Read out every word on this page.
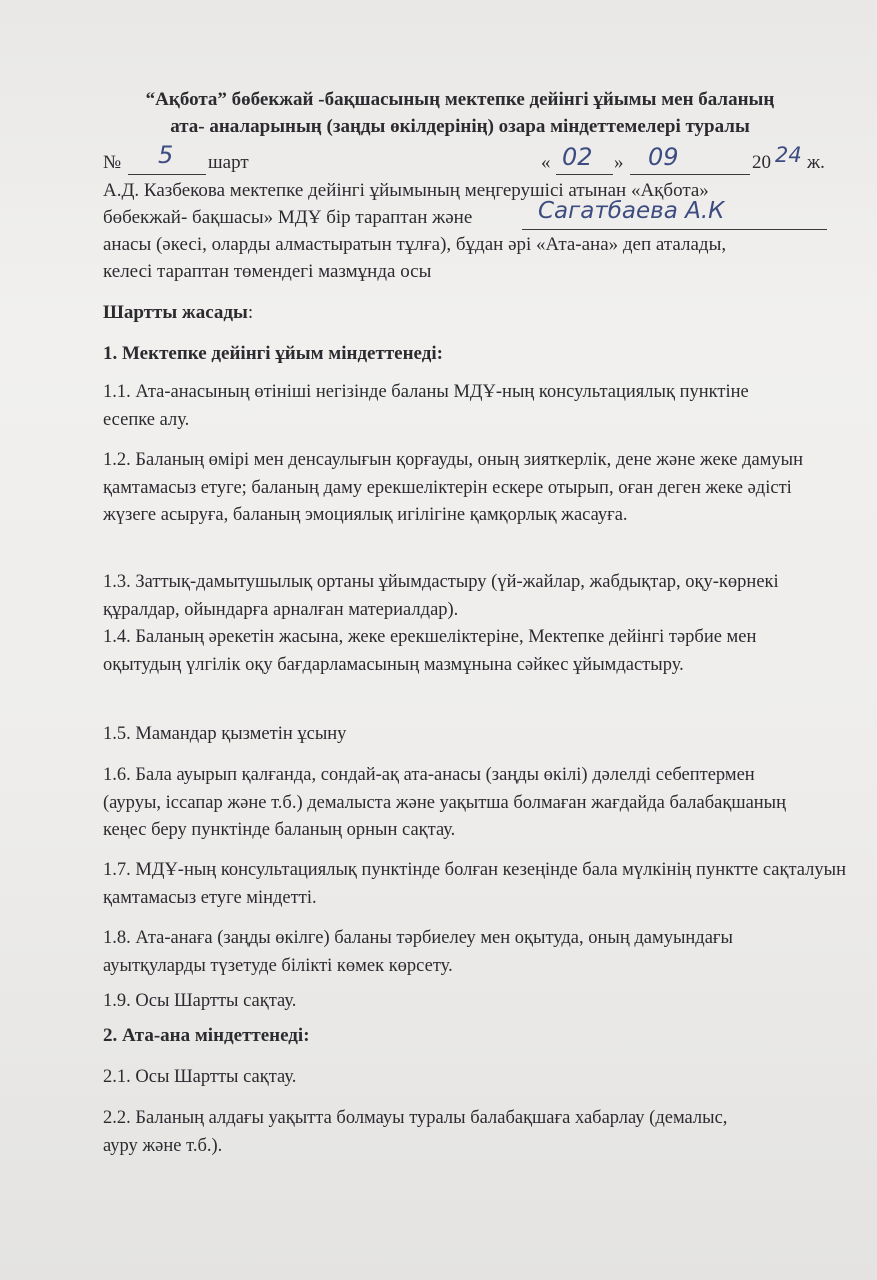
“Ақбота” бөбекжай -бақшасының мектепке дейінгі ұйымы мен баланың
ата- аналарының (заңды өкілдерінің) озара міндеттемелері туралы
№ 5 шарт	« 02 » 09	20 24 ж.
А.Д. Казбекова мектепке дейінгі ұйымының меңгерушісі атынан «Ақбота»
бөбекжай- бақшасы» МДҰ бір тараптан және	Сагатбаева А.К
анасы (әкесі, оларды алмастыратын тұлға), бұдан әрі «Ата-ана» деп аталады,
келесі тараптан төмендегі мазмұнда осы
Шартты жасады:
1. Мектепке дейінгі ұйым міндеттенеді:
1.1. Ата-анасының өтініші негізінде баланы МДҰ-ның консультациялық пунктіне есепке алу.
1.2. Баланың өмірі мен денсаулығын қорғауды, оның зияткерлік, дене және жеке дамуын қамтамасыз етуге; баланың даму ерекшеліктерін ескере отырып, оған деген жеке әдісті жүзеге асыруға, баланың эмоциялық игілігіне қамқорлық жасауға.
1.3. Заттық-дамытушылық ортаны ұйымдастыру (үй-жайлар, жабдықтар, оқу-көрнекі құралдар, ойындарға арналған материалдар).
1.4. Баланың әрекетін жасына, жеке ерекшеліктеріне, Мектепке дейінгі тәрбие мен оқытудың үлгілік оқу бағдарламасының мазмұнына сәйкес ұйымдастыру.
1.5. Мамандар қызметін ұсыну
1.6. Бала ауырып қалғанда, сондай-ақ ата-анасы (заңды өкілі) дәлелді себептермен (ауруы, іссапар және т.б.) демалыста және уақытша болмаған жағдайда балабақшаның кеңес беру пунктінде баланың орнын сақтау.
1.7. МДҰ-ның консультациялық пунктінде болған кезеңінде бала мүлкінің пунктте сақталуын қамтамасыз етуге міндетті.
1.8. Ата-анаға (заңды өкілге) баланы тәрбиелеу мен оқытуда, оның дамуындағы ауытқуларды түзетуде білікті көмек көрсету.
1.9. Осы Шартты сақтау.
2. Ата-ана міндеттенеді:
2.1. Осы Шартты сақтау.
2.2. Баланың алдағы уақытта болмауы туралы балабақшаға хабарлау (демалыс, ауру және т.б.).
